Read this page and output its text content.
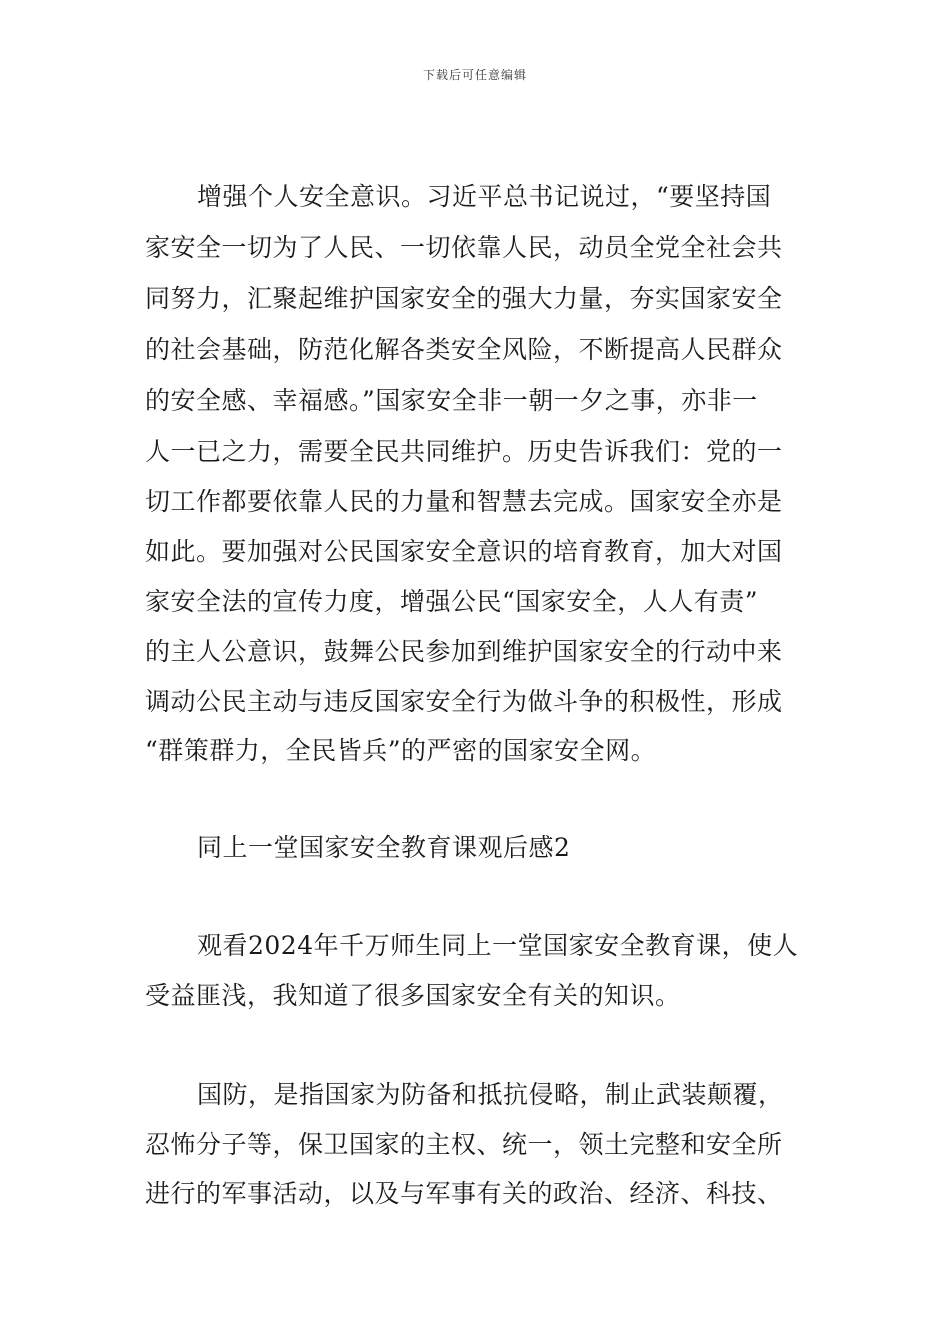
下载后可任意编辑
增强个人安全意识。习近平总书记说过，“要坚持国
家安全一切为了人民、一切依靠人民，动员全党全社会共
同努力，汇聚起维护国家安全的强大力量，夯实国家安全
的社会基础，防范化解各类安全风险，不断提高人民群众
的安全感、幸福感。”国家安全非一朝一夕之事，亦非一
人一已之力，需要全民共同维护。历史告诉我们：党的一
切工作都要依靠人民的力量和智慧去完成。国家安全亦是
如此。要加强对公民国家安全意识的培育教育，加大对国
家安全法的宣传力度，增强公民“国家安全，人人有责”
的主人公意识，鼓舞公民参加到维护国家安全的行动中来
调动公民主动与违反国家安全行为做斗争的积极性，形成
“群策群力，全民皆兵”的严密的国家安全网。
同上一堂国家安全教育课观后感2
观看2024年千万师生同上一堂国家安全教育课，使人
受益匪浅，我知道了很多国家安全有关的知识。
国防，是指国家为防备和抵抗侵略，制止武装颠覆，
忍怖分子等，保卫国家的主权、统一，领土完整和安全所
进行的军事活动，以及与军事有关的政治、经济、科技、
